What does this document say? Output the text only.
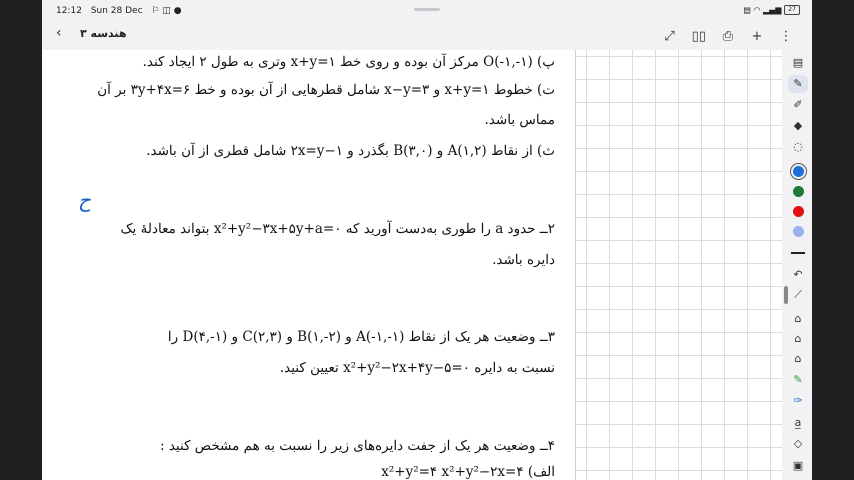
12:12 Sun 28 Dec ⚐ ◫ ●	▤ ◠ ▂▄▆ 27
‹ هندسه ۳	⤢ ▯▯ ⎙ + ⋮
پ) (۱-,۱-)O مرکز آن بوده و روی خط ۱=x+y وتری به طول ۲ ایجاد کند.
ت) خطوط ۱=x+y و ۳=x−y شامل قطرهایی از آن بوده و خط ۶=۳y+۴x بر آن
مماس باشد.
ث) از نقاط (۱,۲)A و (۳,۰)B بگذرد و ۱−۲x=y شامل قطری از آن باشد.
ح
۲ــ حدود a را طوری به‌دست آورید که ۰=x²+y²−۳x+۵y+a بتواند معادلهٔ یک
دایره باشد.
۳ــ وضعیت هر یک از نقاط (۱-,۱-)A و (۲-,۱)B و (۲,۳)C و (۱-,۴)D را
نسبت به دایره ۰=x²+y²−۲x+۴y−۵ تعیین کنید.
۴ــ وضعیت هر یک از جفت دایره‌های زیر را نسبت به هم مشخص کنید :
الف) x²+y²=۴ x²+y²−۲x=۴
▤
✎
✐
◆
◌
↶
⟋
⌂
⌂
⌂
✎
✑
a̲
◇
▣
